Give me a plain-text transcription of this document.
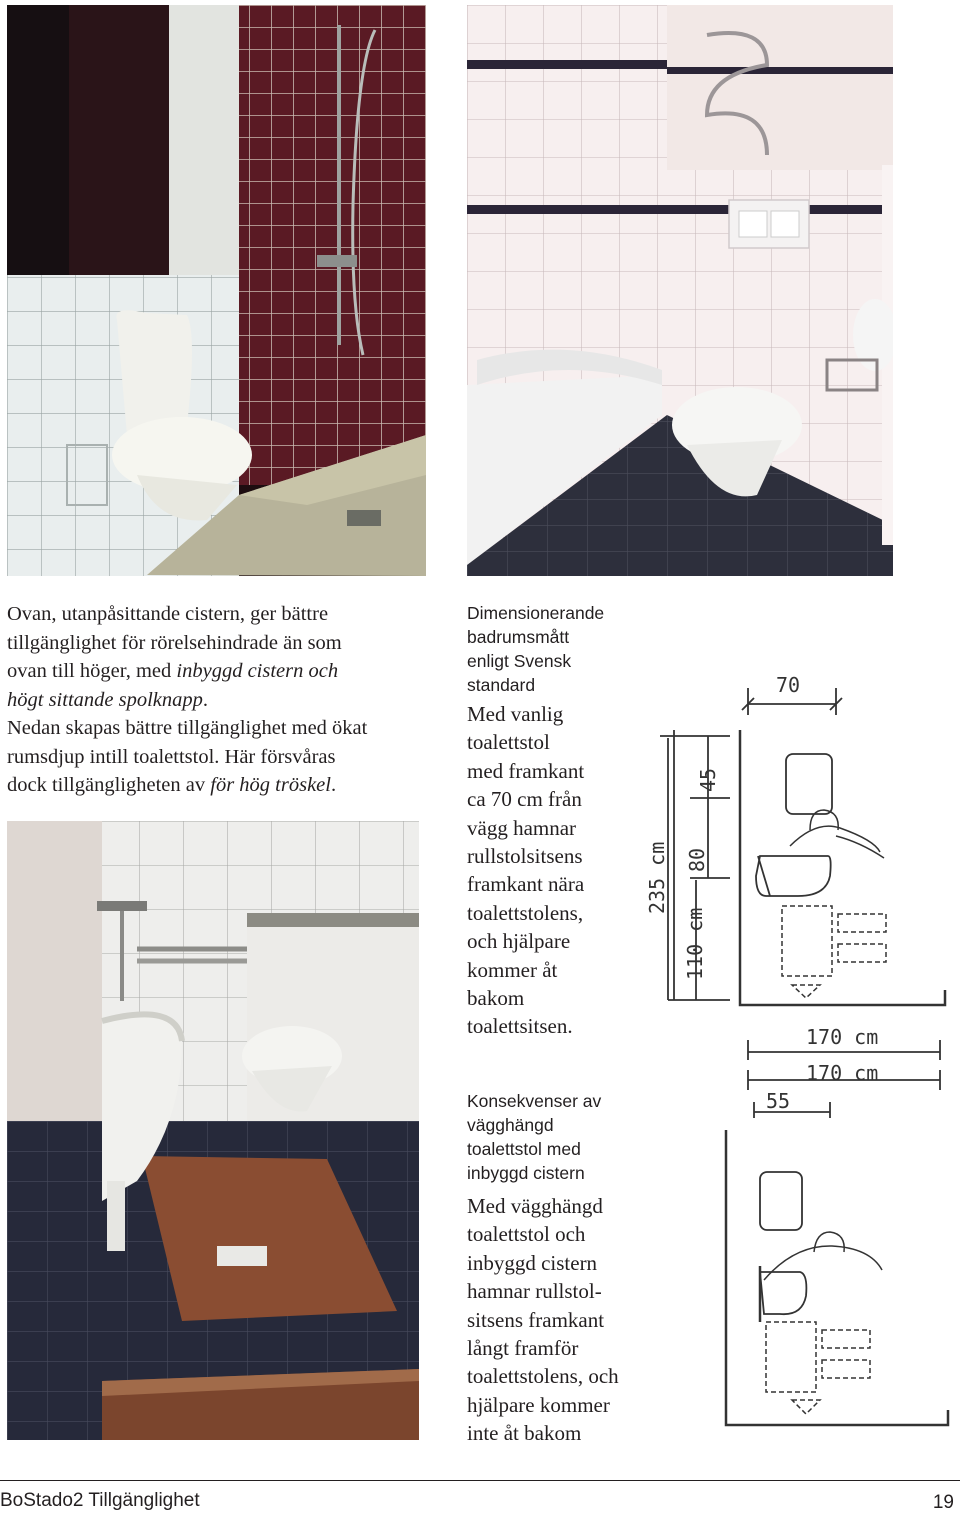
Ovan, utanpåsittande cistern, ger bättre
tillgänglighet för rörelsehindrade än som
ovan till höger, med inbyggd cistern och
högt sittande spolknapp.
Nedan skapas bättre tillgänglighet med ökat
rumsdjup intill toalettstol. Här försvåras
dock tillgängligheten av för hög tröskel.
Dimensionerande
badrumsmått
enligt Svensk
standard
Med vanlig
toalettstol
med framkant
ca 70 cm från
vägg hamnar
rullstolsitsens
framkant nära
toalettstolens,
och hjälpare
kommer åt
bakom
toalettsitsen.
70
45
80
235 cm
110 cm
170 cm
Konsekvenser av
vägghängd
toalettstol med
inbyggd cistern
Med vägghängd
toalettstol och
inbyggd cistern
hamnar rullstol-
sitsens framkant
långt framför
toalettstolens, och
hjälpare kommer
inte åt bakom
170 cm
55
BoStado2 Tillgänglighet	19
